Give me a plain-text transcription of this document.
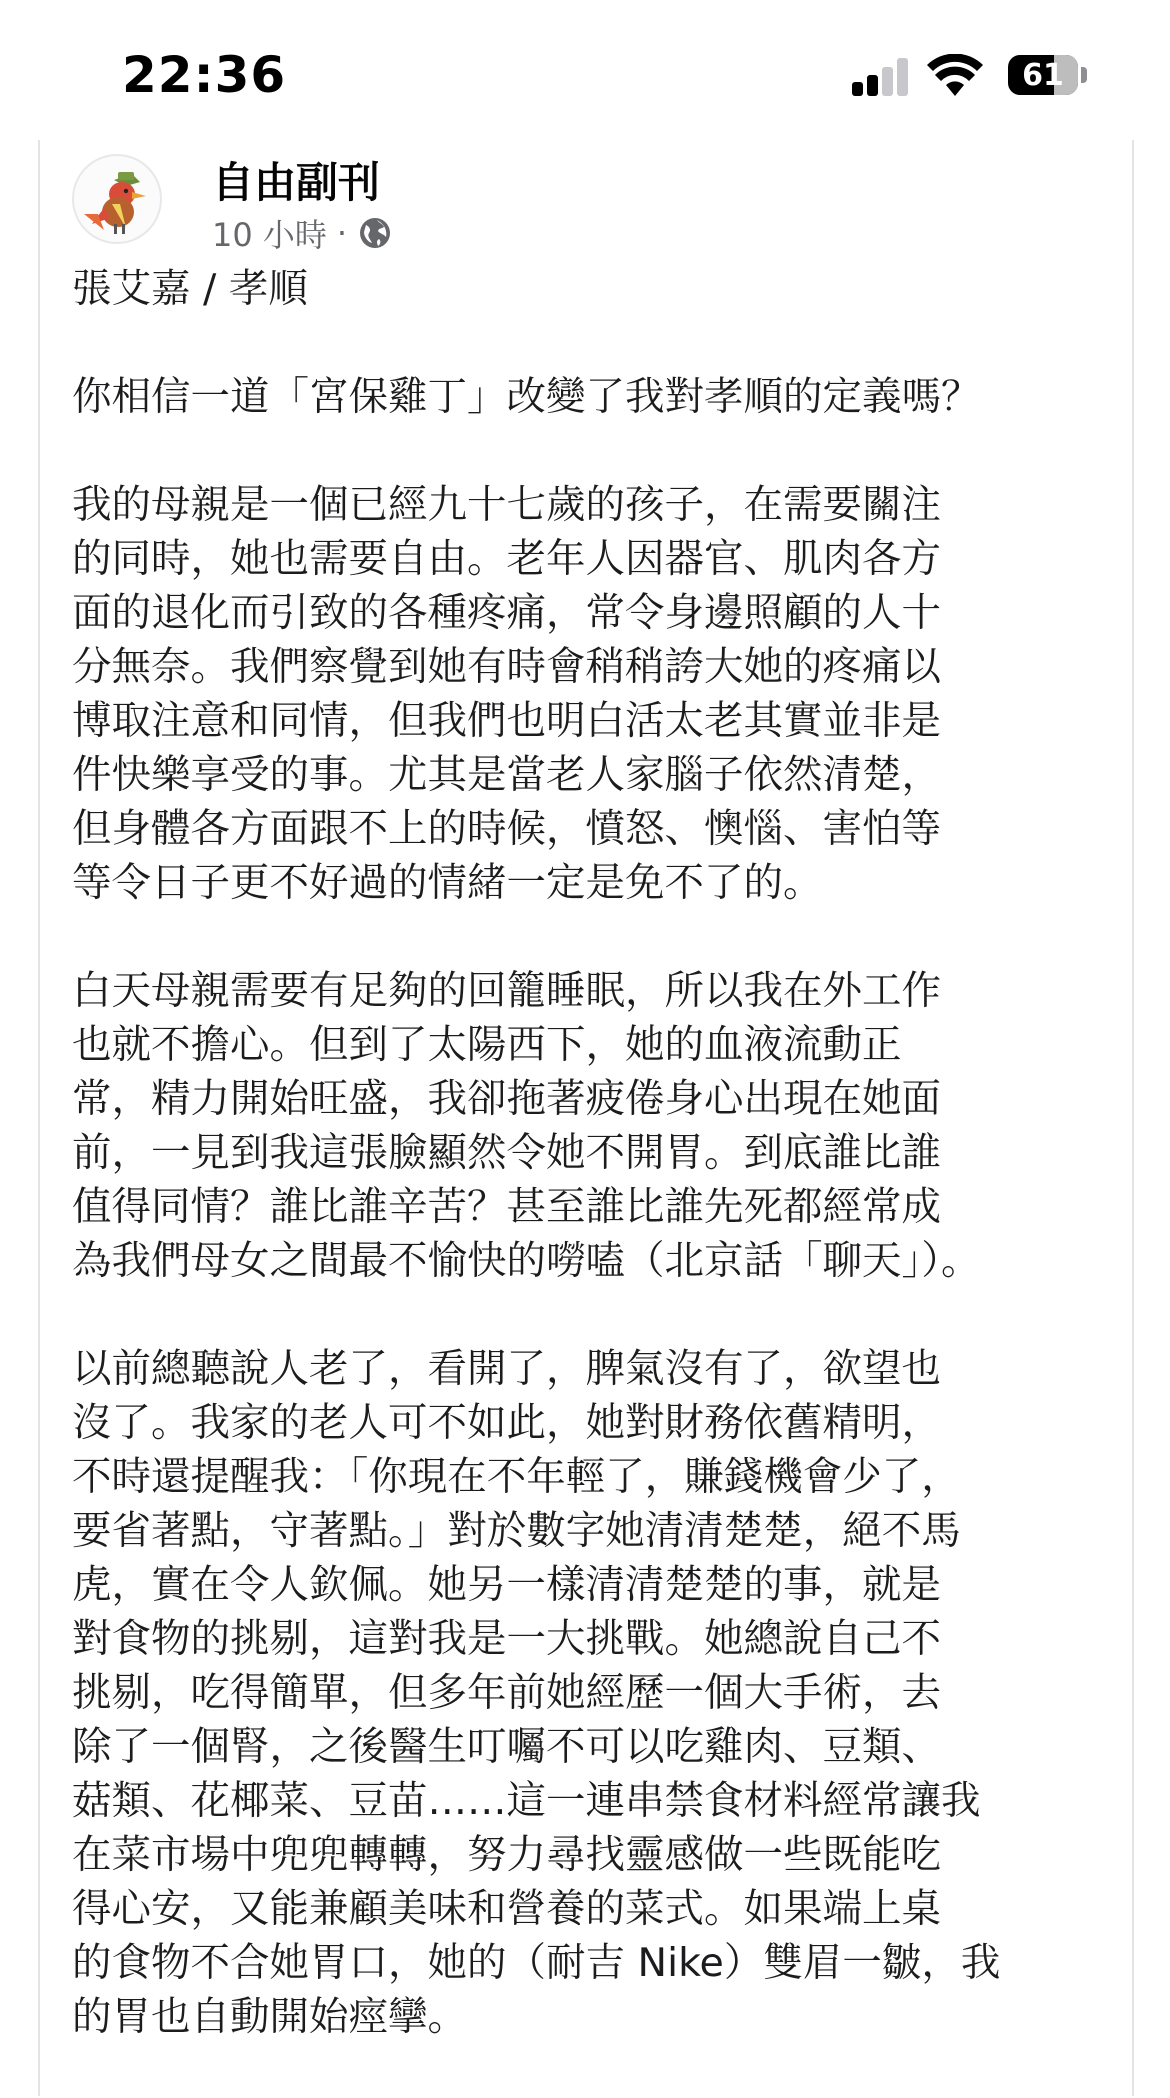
22:36	61
自由副刊
10 小時 ·

張艾嘉 / 孝順

你相信一道「宮保雞丁」改變了我對孝順的定義嗎？

我的母親是一個已經九十七歲的孩子，在需要關注
的同時，她也需要自由。老年人因器官、肌肉各方
面的退化而引致的各種疼痛，常令身邊照顧的人十
分無奈。我們察覺到她有時會稍稍誇大她的疼痛以
博取注意和同情，但我們也明白活太老其實並非是
件快樂享受的事。尤其是當老人家腦子依然清楚，
但身體各方面跟不上的時候，憤怒、懊惱、害怕等
等令日子更不好過的情緒一定是免不了的。

白天母親需要有足夠的回籠睡眠，所以我在外工作
也就不擔心。但到了太陽西下，她的血液流動正
常，精力開始旺盛，我卻拖著疲倦身心出現在她面
前，一見到我這張臉顯然令她不開胃。到底誰比誰
值得同情？誰比誰辛苦？甚至誰比誰先死都經常成
為我們母女之間最不愉快的嘮嗑（北京話「聊天」）。

以前總聽說人老了，看開了，脾氣沒有了，欲望也
沒了。我家的老人可不如此，她對財務依舊精明，
不時還提醒我：「你現在不年輕了，賺錢機會少了，
要省著點，守著點。」對於數字她清清楚楚，絕不馬
虎，實在令人欽佩。她另一樣清清楚楚的事，就是
對食物的挑剔，這對我是一大挑戰。她總說自己不
挑剔，吃得簡單，但多年前她經歷一個大手術，去
除了一個腎，之後醫生叮囑不可以吃雞肉、豆類、
菇類、花椰菜、豆苗……這一連串禁食材料經常讓我
在菜市場中兜兜轉轉，努力尋找靈感做一些既能吃
得心安，又能兼顧美味和營養的菜式。如果端上桌
的食物不合她胃口，她的（耐吉 Nike）雙眉一皺，我
的胃也自動開始痙攣。
